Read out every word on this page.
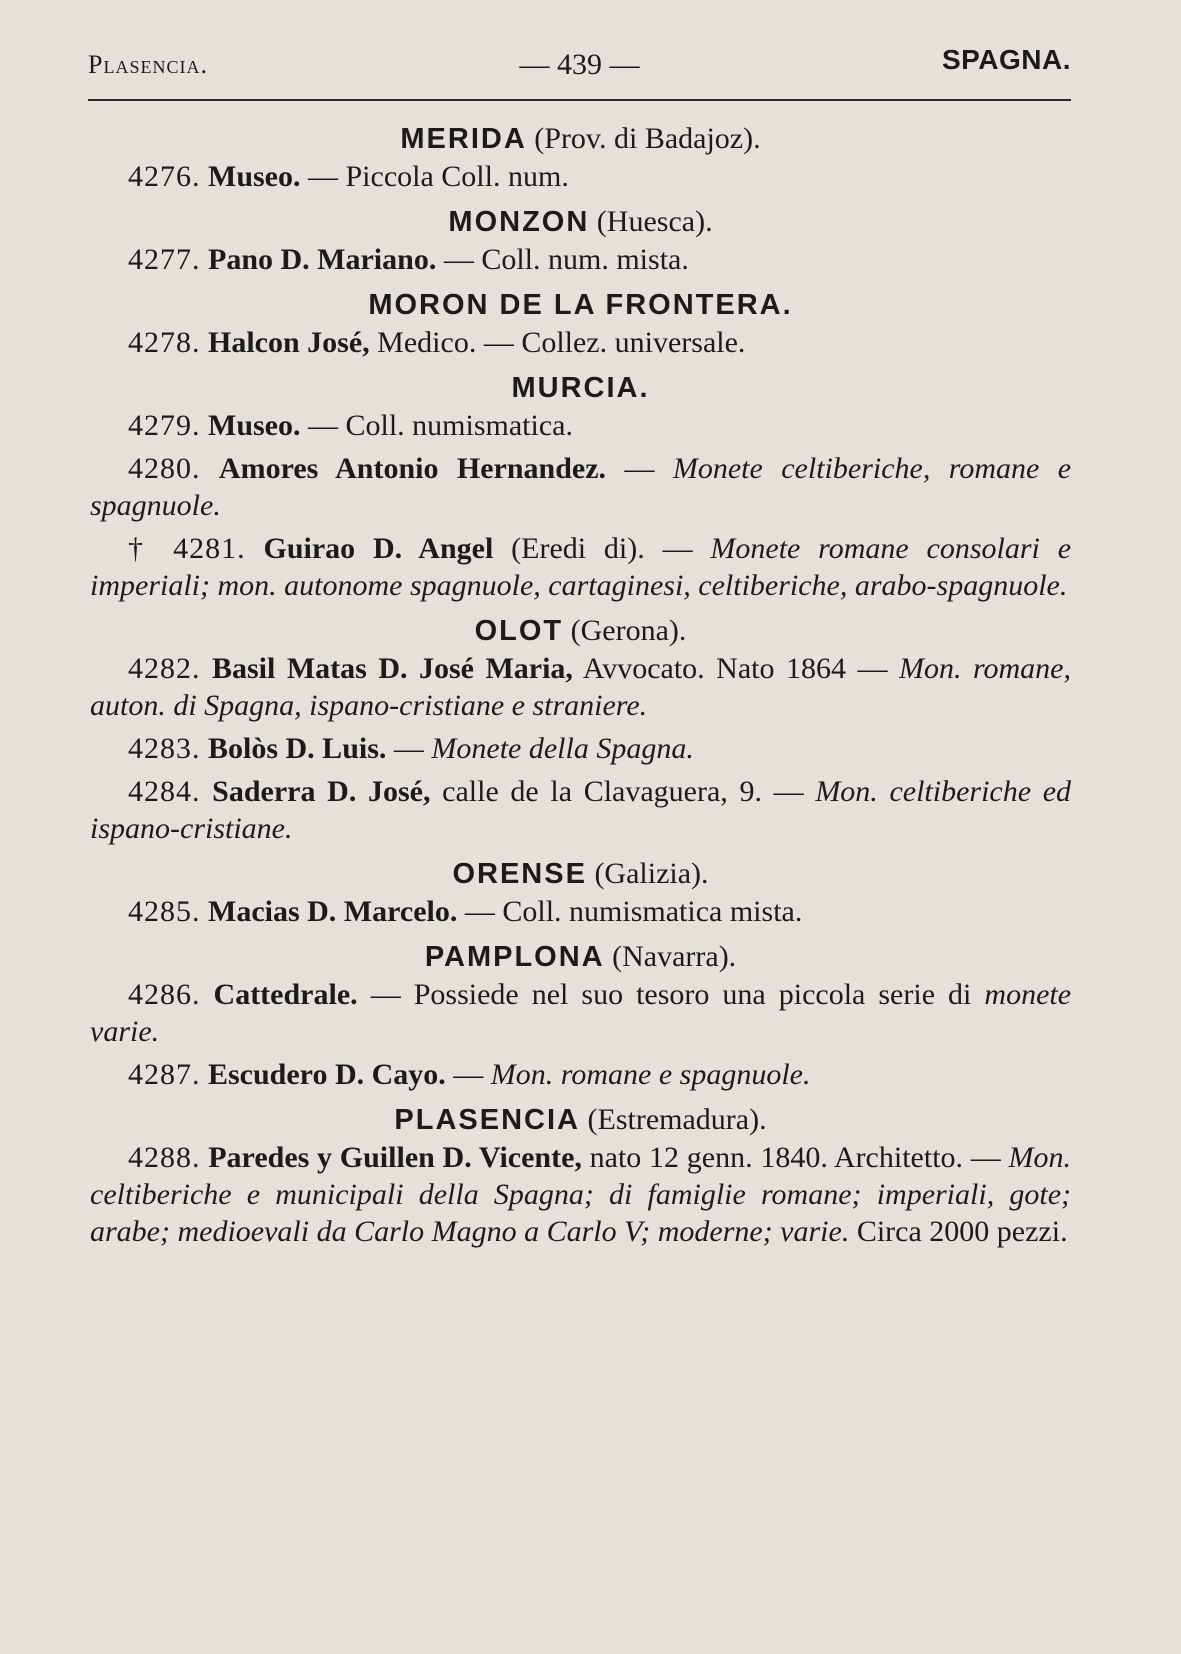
Plasencia.	— 439 —	SPAGNA.

MERIDA (Prov. di Badajoz).

4276. Museo. — Piccola Coll. num.

MONZON (Huesca).

4277. Pano D. Mariano. — Coll. num. mista.

MORON DE LA FRONTERA.

4278. Halcon José, Medico. — Collez. universale.

MURCIA.

4279. Museo. — Coll. numismatica.

4280. Amores Antonio Hernandez. — Monete celtiberiche, romane e spagnuole.

† 4281. Guirao D. Angel (Eredi di). — Monete romane consolari e imperiali; mon. autonome spagnuole, cartaginesi, celtiberiche, arabo-spagnuole.

OLOT (Gerona).

4282. Basil Matas D. José Maria, Avvocato. Nato 1864 — Mon. romane, auton. di Spagna, ispano-cristiane e straniere.

4283. Bolòs D. Luis. — Monete della Spagna.

4284. Saderra D. José, calle de la Clavaguera, 9. — Mon. celtiberiche ed ispano-cristiane.

ORENSE (Galizia).

4285. Macias D. Marcelo. — Coll. numismatica mista.

PAMPLONA (Navarra).

4286. Cattedrale. — Possiede nel suo tesoro una piccola serie di monete varie.

4287. Escudero D. Cayo. — Mon. romane e spagnuole.

PLASENCIA (Estremadura).

4288. Paredes y Guillen D. Vicente, nato 12 genn. 1840. Architetto. — Mon. celtiberiche e municipali della Spagna; di famiglie romane; imperiali, gote; arabe; medioevali da Carlo Magno a Carlo V; moderne; varie. Circa 2000 pezzi.
